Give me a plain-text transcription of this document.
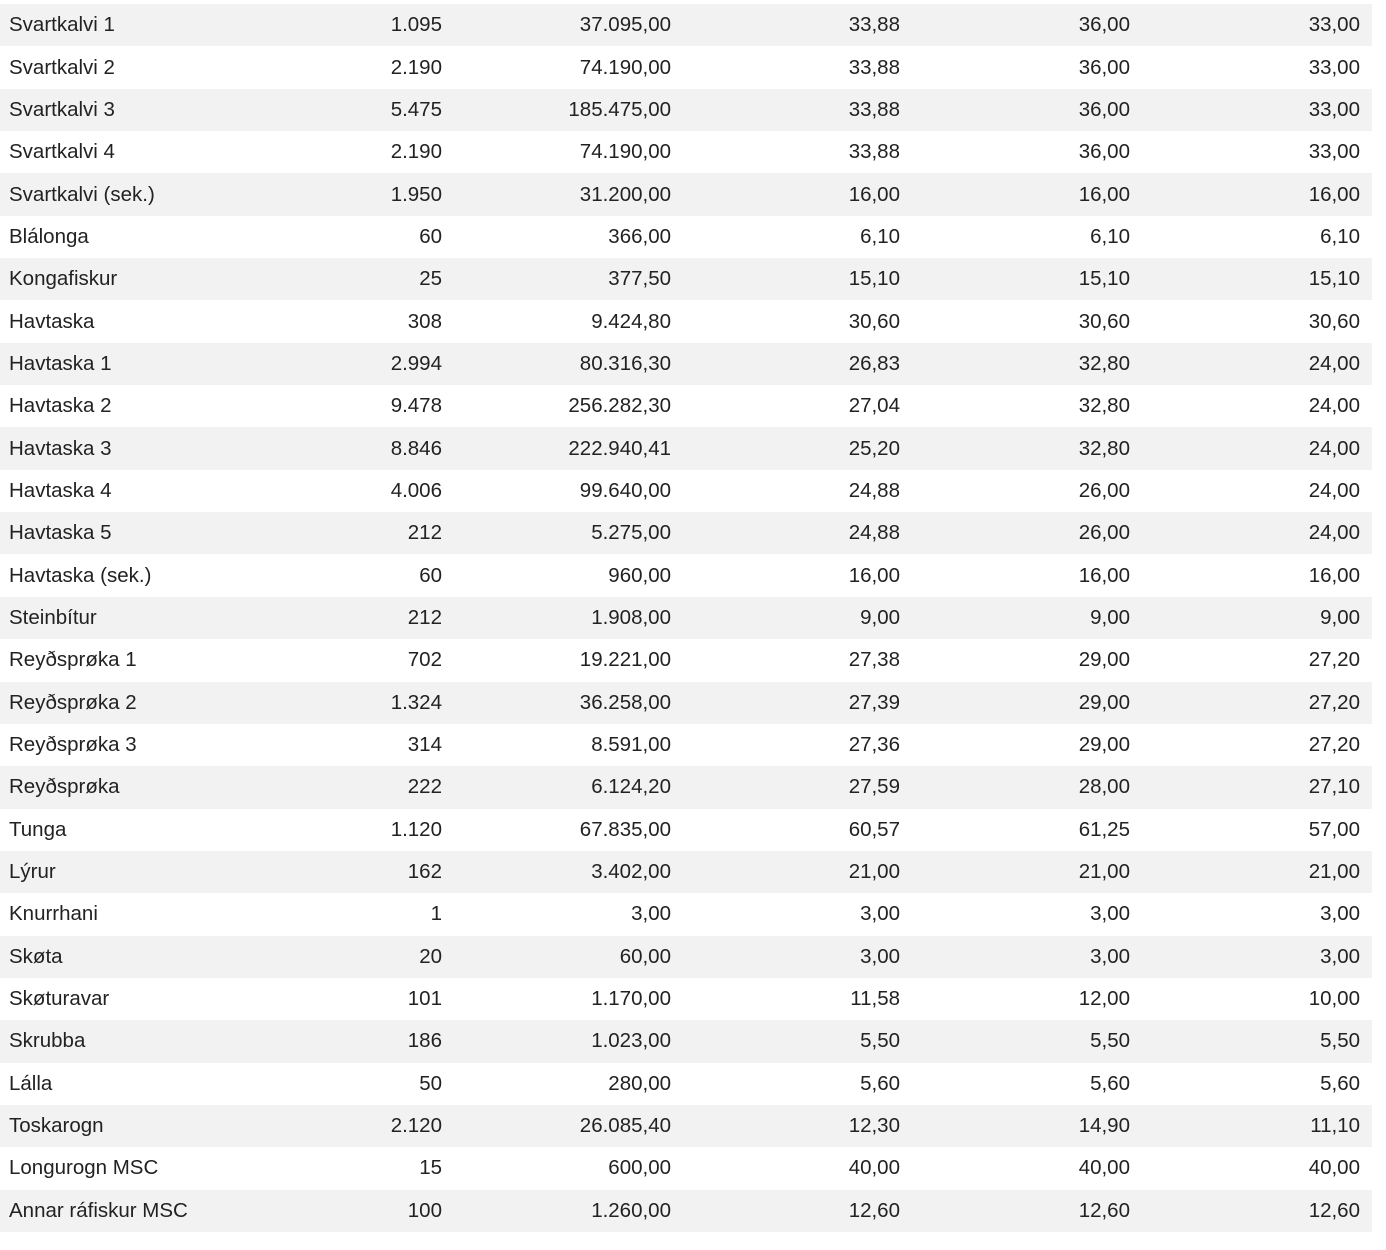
Svartkalvi 1	1.095	37.095,00	33,88	36,00	33,00
Svartkalvi 2	2.190	74.190,00	33,88	36,00	33,00
Svartkalvi 3	5.475	185.475,00	33,88	36,00	33,00
Svartkalvi 4	2.190	74.190,00	33,88	36,00	33,00
Svartkalvi (sek.)	1.950	31.200,00	16,00	16,00	16,00
Blálonga	60	366,00	6,10	6,10	6,10
Kongafiskur	25	377,50	15,10	15,10	15,10
Havtaska	308	9.424,80	30,60	30,60	30,60
Havtaska 1	2.994	80.316,30	26,83	32,80	24,00
Havtaska 2	9.478	256.282,30	27,04	32,80	24,00
Havtaska 3	8.846	222.940,41	25,20	32,80	24,00
Havtaska 4	4.006	99.640,00	24,88	26,00	24,00
Havtaska 5	212	5.275,00	24,88	26,00	24,00
Havtaska (sek.)	60	960,00	16,00	16,00	16,00
Steinbítur	212	1.908,00	9,00	9,00	9,00
Reyðsprøka 1	702	19.221,00	27,38	29,00	27,20
Reyðsprøka 2	1.324	36.258,00	27,39	29,00	27,20
Reyðsprøka 3	314	8.591,00	27,36	29,00	27,20
Reyðsprøka	222	6.124,20	27,59	28,00	27,10
Tunga	1.120	67.835,00	60,57	61,25	57,00
Lýrur	162	3.402,00	21,00	21,00	21,00
Knurrhani	1	3,00	3,00	3,00	3,00
Skøta	20	60,00	3,00	3,00	3,00
Skøturavar	101	1.170,00	11,58	12,00	10,00
Skrubba	186	1.023,00	5,50	5,50	5,50
Lálla	50	280,00	5,60	5,60	5,60
Toskarogn	2.120	26.085,40	12,30	14,90	11,10
Longurogn MSC	15	600,00	40,00	40,00	40,00
Annar ráfiskur MSC	100	1.260,00	12,60	12,60	12,60
